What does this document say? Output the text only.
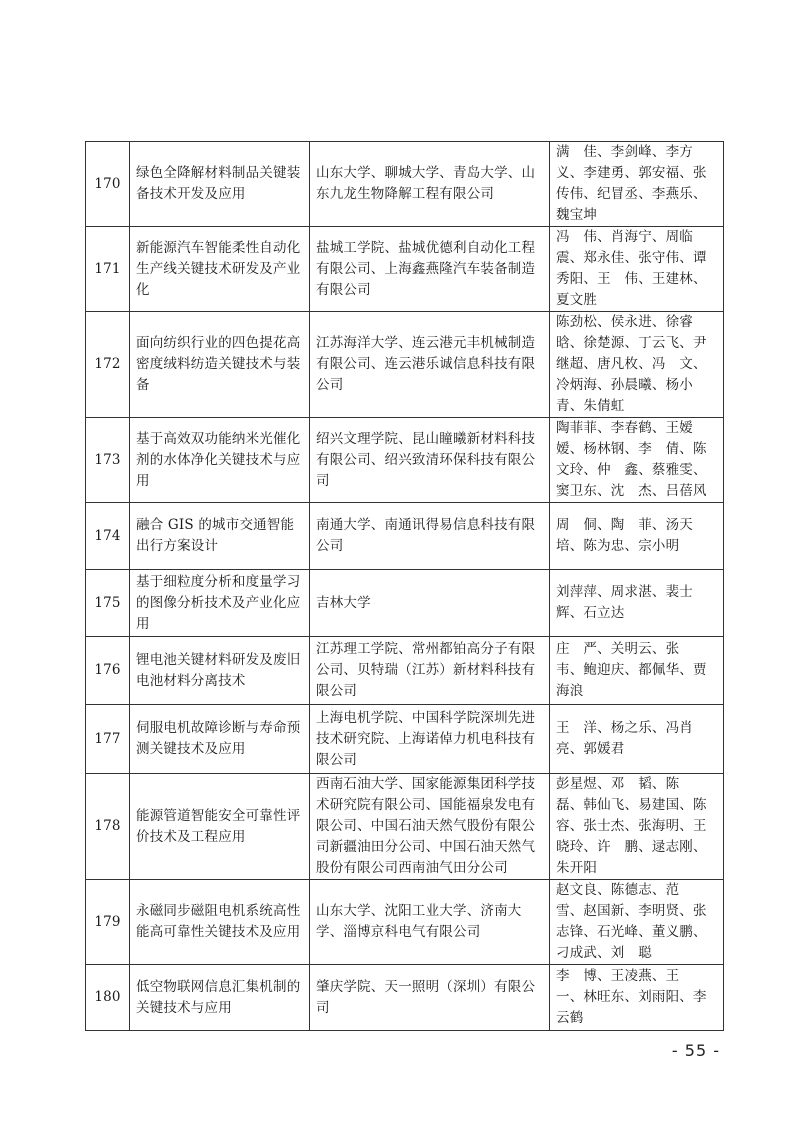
170	绿色全降解材料制品关键装备技术开发及应用	山东大学、聊城大学、青岛大学、山东九龙生物降解工程有限公司	满　佳、李剑峰、李方义、李建勇、郭安福、张传伟、纪冒丞、李燕乐、魏宝坤
171	新能源汽车智能柔性自动化生产线关键技术研发及产业化	盐城工学院、盐城优德利自动化工程有限公司、上海鑫燕隆汽车装备制造有限公司	冯　伟、肖海宁、周临震、郑永佳、张守伟、谭秀阳、王　伟、王建林、夏文胜
172	面向纺织行业的四色提花高密度绒料纺造关键技术与装备	江苏海洋大学、连云港元丰机械制造有限公司、连云港乐诚信息科技有限公司	陈劲松、侯永进、徐睿晗、徐楚源、丁云飞、尹继超、唐凡枚、冯　文、冷炳海、孙晨曦、杨小青、朱倩虹
173	基于高效双功能纳米光催化剂的水体净化关键技术与应用	绍兴文理学院、昆山瞳曦新材料科技有限公司、绍兴致清环保科技有限公司	陶菲菲、李春鹤、王嫒嫒、杨林钢、李　倩、陈文玲、仲　鑫、蔡雅雯、窦卫东、沈　杰、吕蓓风
174	融合 GIS 的城市交通智能出行方案设计	南通大学、南通讯得易信息科技有限公司	周　侗、陶　菲、汤天培、陈为忠、宗小明
175	基于细粒度分析和度量学习的图像分析技术及产业化应用	吉林大学	刘萍萍、周求湛、裴士辉、石立达
176	锂电池关键材料研发及废旧电池材料分离技术	江苏理工学院、常州都铂高分子有限公司、贝特瑞（江苏）新材料科技有限公司	庄　严、关明云、张　韦、鲍迎庆、都佩华、贾海浪
177	伺服电机故障诊断与寿命预测关键技术及应用	上海电机学院、中国科学院深圳先进技术研究院、上海诺倬力机电科技有限公司	王　洋、杨之乐、冯肖亮、郭媛君
178	能源管道智能安全可靠性评价技术及工程应用	西南石油大学、国家能源集团科学技术研究院有限公司、国能福泉发电有限公司、中国石油天然气股份有限公司新疆油田分公司、中国石油天然气股份有限公司西南油气田分公司	彭星煜、邓　韬、陈　磊、韩仙飞、易建国、陈　容、张士杰、张海明、王晓玲、许　鹏、逯志刚、朱开阳
179	永磁同步磁阻电机系统高性能高可靠性关键技术及应用	山东大学、沈阳工业大学、济南大学、淄博京科电气有限公司	赵文良、陈德志、范　雪、赵国新、李明贤、张志锋、石光峰、董义鹏、刁成武、刘　聪
180	低空物联网信息汇集机制的关键技术与应用	肇庆学院、天一照明（深圳）有限公司	李　博、王凌燕、王　一、林旺东、刘雨阳、李云鹤
- 55 -
